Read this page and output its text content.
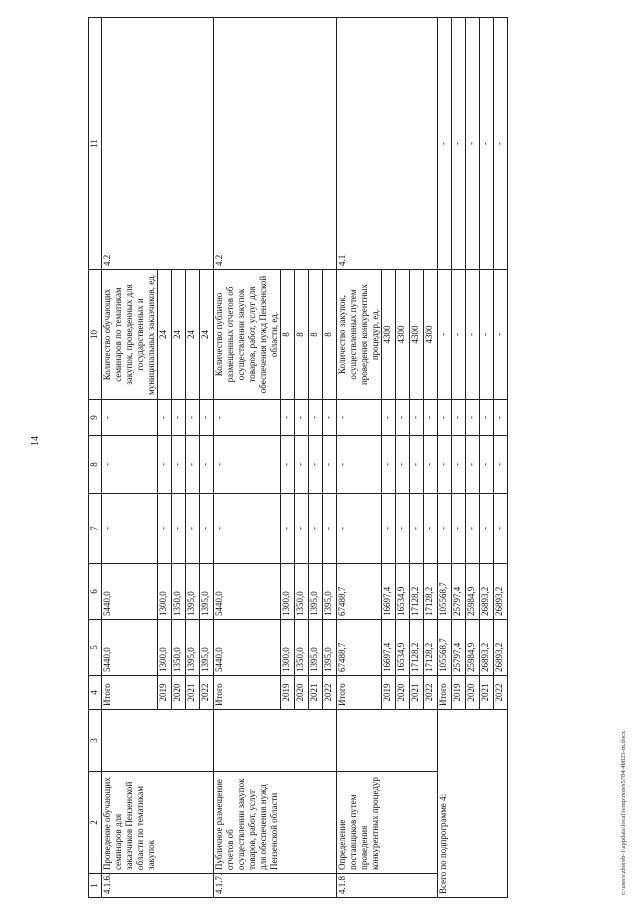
14
c:\users\zhoreb-1\appdata\local\temp\notes5784\4b823-m.docx
1	2	3	4	5	6	7	8	9	10	11
4.1.6.	Проведение обучающих семинаров для заказчиков Пензенской области по тематикам закупок		Итого	5440,0	5440,0	-	-	-	Количество обучающих семинаров по тематикам закупок, проведенных для государственных и муниципальных заказчиков, ед.	4.2
			2019	1300,0	1300,0	-	-	-	24	
			2020	1350,0	1350,0	-	-	-	24	
			2021	1395,0	1395,0	-	-	-	24	
			2022	1395,0	1395,0	-	-	-	24	
4.1.7.	Публичное размещение отчетов об осуществлении закупок товаров, работ, услуг для обеспечения нужд Пензенской области		Итого	5440,0	5440,0	-	-	-	Количество публично размещенных отчетов об осуществлении закупок товаров, работ, услуг для обеспечения нужд Пензенской области, ед.	4.2
			2019	1300,0	1300,0	-	-	-	8	
			2020	1350,0	1350,0	-	-	-	8	
			2021	1395,0	1395,0	-	-	-	8	
			2022	1395,0	1395,0	-	-	-	8	
4.1.8	Определение поставщиков путем проведения конкурентных процедур		Итого	67488,7	67488,7	-	-	-	Количество закупок, осуществленных путем проведения конкурентных процедур, ед.	4.1
			2019	16697,4	16697,4	-	-	-	4300	
			2020	16534,9	16534,9	-	-	-	4300	
			2021	17128,2	17128,2	-	-	-	4300	
			2022	17128,2	17128,2	-	-	-	4300	
Всего по подпрограмме 4:			Итого	105568,7	105568,7	-	-	-	-	-
			2019	25797,4	25797,4	-	-	-	-	-
			2020	25984,9	25984,9	-	-	-	-	-
			2021	26893,2	26893,2	-	-	-	-	-
			2022	26893,2	26893,2	-	-	-	-	-
